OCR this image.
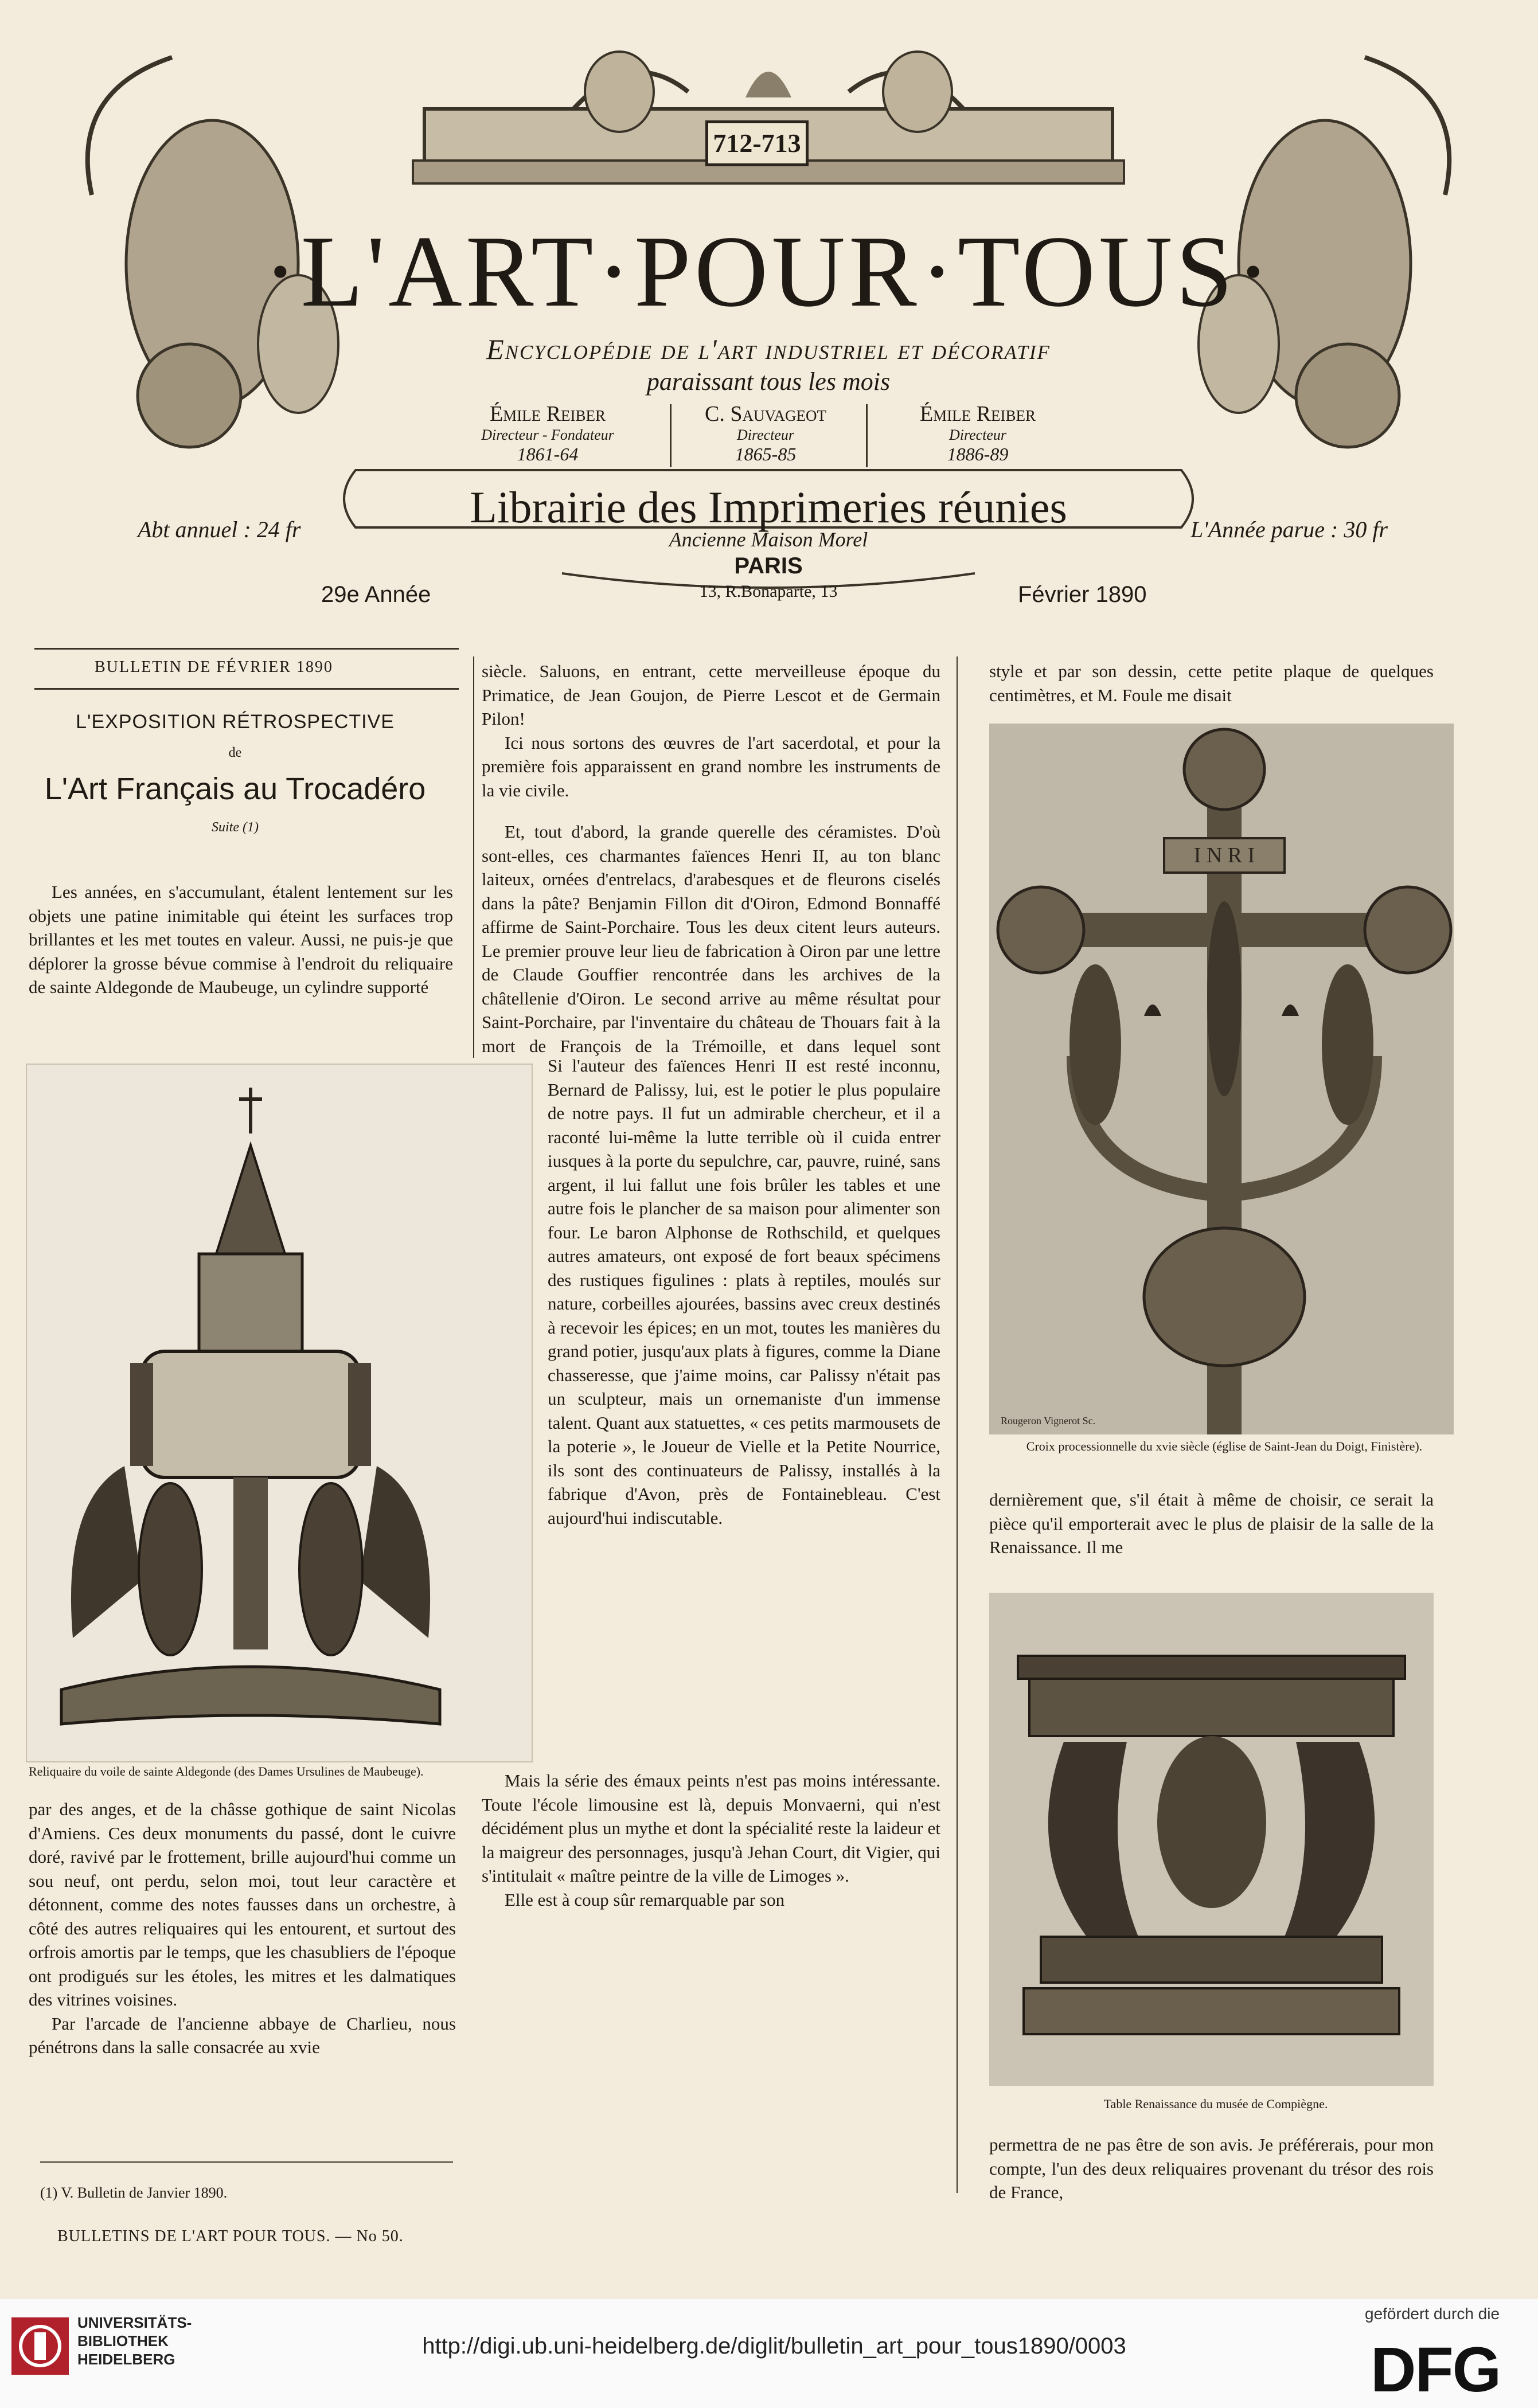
712-713
·L'ART·POUR·TOUS·
Encyclopédie de l'art industriel et décoratif
paraissant tous les mois
Émile Reiber
Directeur - Fondateur
1861-64
C. Sauvageot
Directeur
1865-85
Émile Reiber
Directeur
1886-89
Librairie des Imprimeries réunies
Abt annuel : 24 fr	L'Année parue : 30 fr
Ancienne Maison Morel
PARIS
13, R.Bonaparte, 13
29e Année	Février 1890
BULLETIN DE FÉVRIER 1890
L'EXPOSITION RÉTROSPECTIVE
de
L'Art Français au Trocadéro
Suite (1)

Les années, en s'accumulant, étalent lentement sur les objets une patine inimitable qui éteint les surfaces trop brillantes et les met toutes en valeur. Aussi, ne puis-je que déplorer la grosse bévue commise à l'endroit du reliquaire de sainte Aldegonde de Maubeuge, un cylindre supporté

Reliquaire du voile de sainte Aldegonde (des Dames Ursulines de Maubeuge).

par des anges, et de la châsse gothique de saint Nicolas d'Amiens. Ces deux monuments du passé, dont le cuivre doré, ravivé par le frottement, brille aujourd'hui comme un sou neuf, ont perdu, selon moi, tout leur caractère et détonnent, comme des notes fausses dans un orchestre, à côté des autres reliquaires qui les entourent, et surtout des orfrois amortis par le temps, que les chasubliers de l'époque ont prodigués sur les étoles, les mitres et les dalmatiques des vitrines voisines.

Par l'arcade de l'ancienne abbaye de Charlieu, nous pénétrons dans la salle consacrée au xvie

(1) V. Bulletin de Janvier 1890.
BULLETINS DE L'ART POUR TOUS. — No 50.

siècle. Saluons, en entrant, cette merveilleuse époque du Primatice, de Jean Goujon, de Pierre Lescot et de Germain Pilon!

Ici nous sortons des œuvres de l'art sacerdotal, et pour la première fois apparaissent en grand nombre les instruments de la vie civile.

Et, tout d'abord, la grande querelle des céramistes. D'où sont-elles, ces charmantes faïences Henri II, au ton blanc laiteux, ornées d'entrelacs, d'arabesques et de fleurons ciselés dans la pâte? Benjamin Fillon dit d'Oiron, Edmond Bonnaffé affirme de Saint-Porchaire. Tous les deux citent leurs auteurs. Le premier prouve leur lieu de fabrication à Oiron par une lettre de Claude Gouffier rencontrée dans les archives de la châtellenie d'Oiron. Le second arrive au même résultat pour Saint-Porchaire, par l'inventaire du château de Thouars fait à la mort de François de la Trémoille, et dans lequel sont

Si l'auteur des faïences Henri II est resté inconnu, Bernard de Palissy, lui, est le potier le plus populaire de notre pays. Il fut un admirable chercheur, et il a raconté lui-même la lutte terrible où il cuida entrer iusques à la porte du sepulchre, car, pauvre, ruiné, sans argent, il lui fallut une fois brûler les tables et une autre fois le plancher de sa maison pour alimenter son four. Le baron Alphonse de Rothschild, et quelques autres amateurs, ont exposé de fort beaux spécimens des rustiques figulines : plats à reptiles, moulés sur nature, corbeilles ajourées, bassins avec creux destinés à recevoir les épices; en un mot, toutes les manières du grand potier, jusqu'aux plats à figures, comme la Diane chasseresse, que j'aime moins, car Palissy n'était pas un sculpteur, mais un ornemaniste d'un immense talent. Quant aux statuettes, « ces petits marmousets de la poterie », le Joueur de Vielle et la Petite Nourrice, ils sont des continuateurs de Palissy, installés à la fabrique d'Avon, près de Fontainebleau. C'est aujourd'hui indiscutable.

Mais la série des émaux peints n'est pas moins intéressante. Toute l'école limousine est là, depuis Monvaerni, qui n'est décidément plus un mythe et dont la spécialité reste la laideur et la maigreur des personnages, jusqu'à Jehan Court, dit Vigier, qui s'intitulait « maître peintre de la ville de Limoges ».

Elle est à coup sûr remarquable par son

style et par son dessin, cette petite plaque de quelques centimètres, et M. Foule me disait

I N R I
Rougeron Vignerot Sc.
Croix processionnelle du xvie siècle (église de Saint-Jean du Doigt, Finistère).

dernièrement que, s'il était à même de choisir, ce serait la pièce qu'il emporterait avec le plus de plaisir de la salle de la Renaissance. Il me

Table Renaissance du musée de Compiègne.

permettra de ne pas être de son avis. Je préférerais, pour mon compte, l'un des deux reliquaires provenant du trésor des rois de France,

UNIVERSITÄTS-
BIBLIOTHEK
HEIDELBERG
http://digi.ub.uni-heidelberg.de/diglit/bulletin_art_pour_tous1890/0003
gefördert durch die
DFG
